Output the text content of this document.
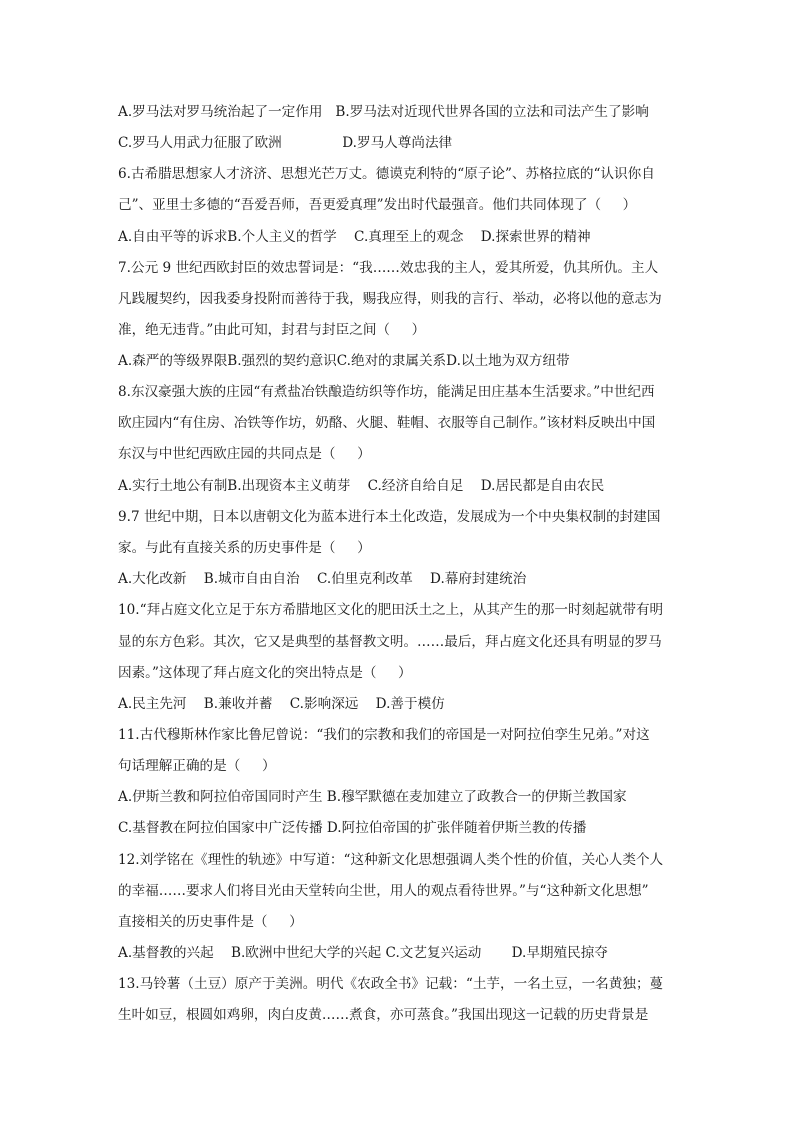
A.罗马法对罗马统治起了一定作用   B.罗马法对近现代世界各国的立法和司法产生了影响
C.罗马人用武力征服了欧洲              D.罗马人尊尚法律
6.古希腊思想家人才济济、思想光芒万丈。德谟克利特的“原子论”、苏格拉底的“认识你自
己”、亚里士多德的“吾爱吾师，吾更爱真理”发出时代最强音。他们共同体现了（     ）
A.自由平等的诉求B.个人主义的哲学    C.真理至上的观念    D.探索世界的精神
7.公元 9 世纪西欧封臣的效忠誓词是：“我……效忠我的主人，爱其所爱，仇其所仇。主人
凡践履契约，因我委身投附而善待于我，赐我应得，则我的言行、举动，必将以他的意志为
准，绝无违背。”由此可知，封君与封臣之间（     ）
A.森严的等级界限B.强烈的契约意识C.绝对的隶属关系D.以土地为双方纽带
8.东汉豪强大族的庄园“有煮盐冶铁酿造纺织等作坊，能满足田庄基本生活要求。”中世纪西
欧庄园内“有住房、冶铁等作坊，奶酪、火腿、鞋帽、衣服等自己制作。”该材料反映出中国
东汉与中世纪西欧庄园的共同点是（     ）
A.实行土地公有制B.出现资本主义萌芽    C.经济自给自足    D.居民都是自由农民
9.7 世纪中期，日本以唐朝文化为蓝本进行本土化改造，发展成为一个中央集权制的封建国
家。与此有直接关系的历史事件是（     ）
A.大化改新    B.城市自由自治    C.伯里克利改革    D.幕府封建统治
10.“拜占庭文化立足于东方希腊地区文化的肥田沃土之上，从其产生的那一时刻起就带有明
显的东方色彩。其次，它又是典型的基督教文明。……最后，拜占庭文化还具有明显的罗马
因素。”这体现了拜占庭文化的突出特点是（     ）
A.民主先河    B.兼收并蓄    C.影响深远    D.善于模仿
11.古代穆斯林作家比鲁尼曾说：“我们的宗教和我们的帝国是一对阿拉伯孪生兄弟。”对这
句话理解正确的是（     ）
A.伊斯兰教和阿拉伯帝国同时产生 B.穆罕默德在麦加建立了政教合一的伊斯兰教国家
C.基督教在阿拉伯国家中广泛传播 D.阿拉伯帝国的扩张伴随着伊斯兰教的传播
12.刘学铭在《理性的轨迹》中写道：“这种新文化思想强调人类个性的价值，关心人类个人
的幸福……要求人们将目光由天堂转向尘世，用人的观点看待世界。”与“这种新文化思想”
直接相关的历史事件是（     ）
A.基督教的兴起    B.欧洲中世纪大学的兴起 C.文艺复兴运动       D.早期殖民掠夺
13.马铃薯（土豆）原产于美洲。明代《农政全书》记载：“土芋，一名土豆，一名黄独；蔓
生叶如豆，根圆如鸡卵，肉白皮黄……煮食，亦可蒸食。”我国出现这一记载的历史背景是
